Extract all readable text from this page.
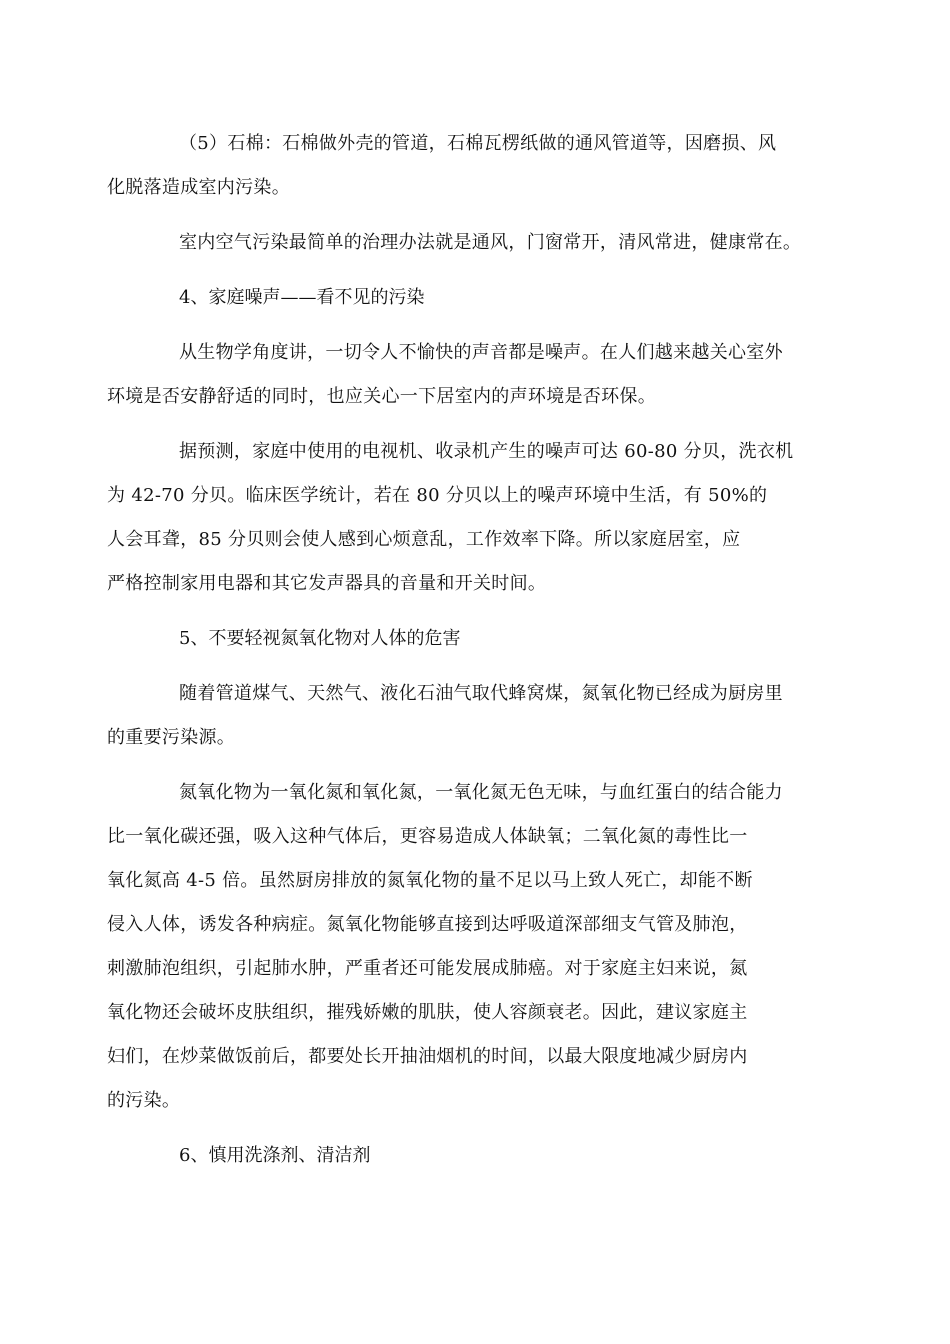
（5）石棉：石棉做外壳的管道，石棉瓦楞纸做的通风管道等，因磨损、风
化脱落造成室内污染。
室内空气污染最简单的治理办法就是通风，门窗常开，清风常进，健康常在。
4、家庭噪声——看不见的污染
从生物学角度讲，一切令人不愉快的声音都是噪声。在人们越来越关心室外
环境是否安静舒适的同时，也应关心一下居室内的声环境是否环保。
据预测，家庭中使用的电视机、收录机产生的噪声可达 60-80 分贝，洗衣机
为 42-70 分贝。临床医学统计，若在 80 分贝以上的噪声环境中生活，有 50%的
人会耳聋，85 分贝则会使人感到心烦意乱，工作效率下降。所以家庭居室，应
严格控制家用电器和其它发声器具的音量和开关时间。
5、不要轻视氮氧化物对人体的危害
随着管道煤气、天然气、液化石油气取代蜂窝煤，氮氧化物已经成为厨房里
的重要污染源。
氮氧化物为一氧化氮和氧化氮，一氧化氮无色无味，与血红蛋白的结合能力
比一氧化碳还强，吸入这种气体后，更容易造成人体缺氧；二氧化氮的毒性比一
氧化氮高 4-5 倍。虽然厨房排放的氮氧化物的量不足以马上致人死亡，却能不断
侵入人体，诱发各种病症。氮氧化物能够直接到达呼吸道深部细支气管及肺泡，
刺激肺泡组织，引起肺水肿，严重者还可能发展成肺癌。对于家庭主妇来说，氮
氧化物还会破坏皮肤组织，摧残娇嫩的肌肤，使人容颜衰老。因此，建议家庭主
妇们，在炒菜做饭前后，都要处长开抽油烟机的时间，以最大限度地减少厨房内
的污染。
6、慎用洗涤剂、清洁剂
